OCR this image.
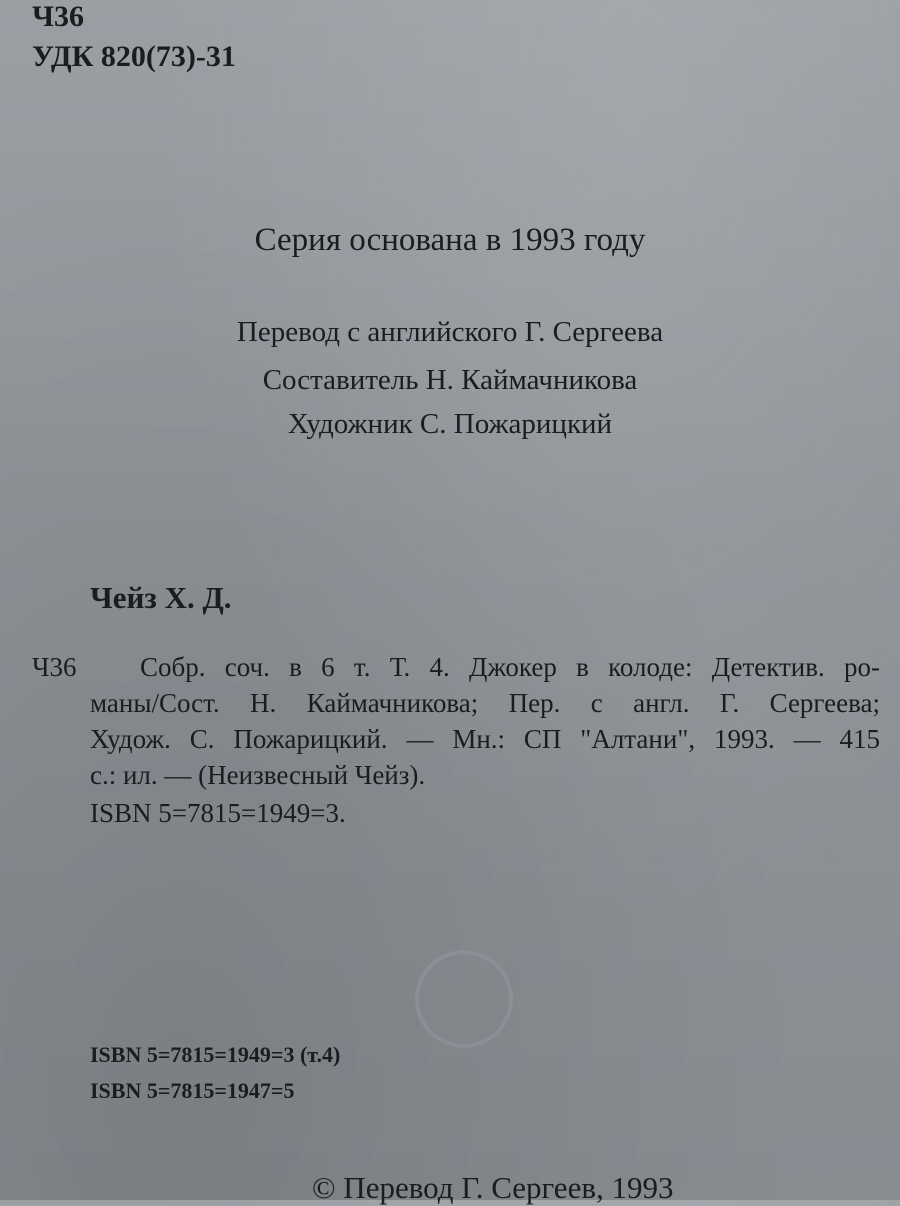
Ч36
УДК 820(73)-31
Серия основана в 1993 году
Перевод с английского Г. Сергеева
Составитель Н. Каймачникова
Художник С. Пожарицкий
Чейз Х. Д.
Ч36 Собр. соч. в 6 т. Т. 4. Джокер в колоде: Детектив. ро-
маны/Сост. Н. Каймачникова; Пер. с англ. Г. Сергеева;
Худож. С. Пожарицкий. — Мн.: СП "Алтани", 1993. — 415
с.: ил. — (Неизвесный Чейз).
ISBN 5=7815=1949=3.
ISBN 5=7815=1949=3 (т.4)
ISBN 5=7815=1947=5
© Перевод Г. Сергеев, 1993
